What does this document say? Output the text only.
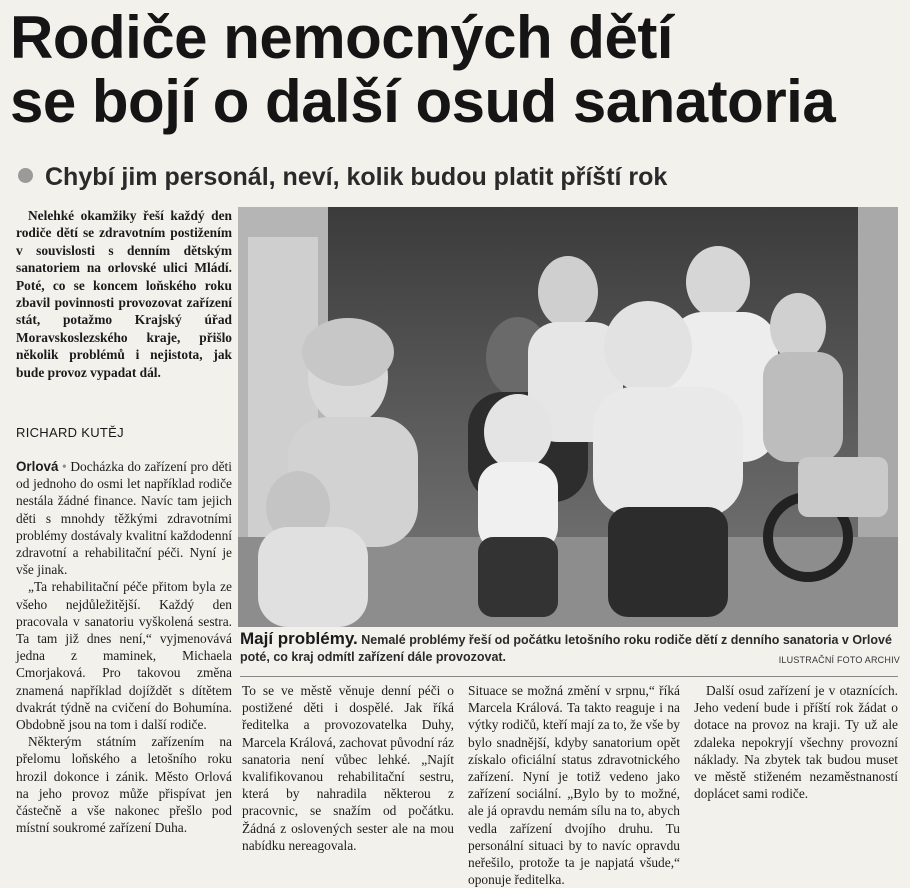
Rodiče nemocných dětí
se bojí o další osud sanatoria
Chybí jim personál, neví, kolik budou platit příští rok

Nelehké okamžiky řeší každý den rodiče dětí se zdravotním postižením v souvislosti s denním dětským sanatoriem na orlovské ulici Mládí. Poté, co se koncem loňského roku zbavil povinnosti provozovat zařízení stát, potažmo Krajský úřad Moravskoslezského kraje, přišlo několik problémů i nejistota, jak bude provoz vypadat dál.

RICHARD KUTĚJ

Orlová • Docházka do zařízení pro děti od jednoho do osmi let například rodiče nestála žádné finance. Navíc tam jejich děti s mnohdy těžkými zdravotními problémy dostávaly kvalitní každodenní zdravotní a rehabilitační péči. Nyní je vše jinak.

„Ta rehabilitační péče přitom byla ze všeho nejdůležitější. Každý den pracovala v sanatoriu vyškolená sestra. Ta tam již dnes není,“ vyjmenovává jedna z maminek, Michaela Cmorjaková. Pro takovou změna znamená například dojíždět s dítětem dvakrát týdně na cvičení do Bohumína. Obdobně jsou na tom i další rodiče.

Některým státním zařízením na přelomu loňského a letošního roku hrozil dokonce i zánik. Město Orlová na jeho provoz může přispívat jen částečně a vše nakonec přešlo pod místní soukromé zařízení Duha.

Mají problémy. Nemalé problémy řeší od počátku letošního roku rodiče dětí z denního sanatoria v Orlové poté, co kraj odmítl zařízení dále provozovat.	ILUSTRAČNÍ FOTO ARCHIV

To se ve městě věnuje denní péči o postižené děti i dospělé. Jak říká ředitelka a provozovatelka Duhy, Marcela Králová, zachovat původní ráz sanatoria není vůbec lehké. „Najít kvalifikovanou rehabilitační sestru, která by nahradila některou z pracovnic, se snažím od počátku. Žádná z oslovených sester ale na mou nabídku nereagovala.

Situace se možná změní v srpnu,“ říká Marcela Králová. Ta takto reaguje i na výtky rodičů, kteří mají za to, že vše by bylo snadnější, kdyby sanatorium opět získalo oficiální status zdravotnického zařízení. Nyní je totiž vedeno jako zařízení sociální. „Bylo by to možné, ale já opravdu nemám sílu na to, abych vedla zařízení dvojího druhu. Tu personální situaci by to navíc opravdu neřešilo, protože ta je napjatá všude,“ oponuje ředitelka.

Další osud zařízení je v otaznících. Jeho vedení bude i příští rok žádat o dotace na provoz na kraji. Ty už ale zdaleka nepokryjí všechny provozní náklady. Na zbytek tak budou muset ve městě stiženém nezaměstnaností doplácet sami rodiče.
